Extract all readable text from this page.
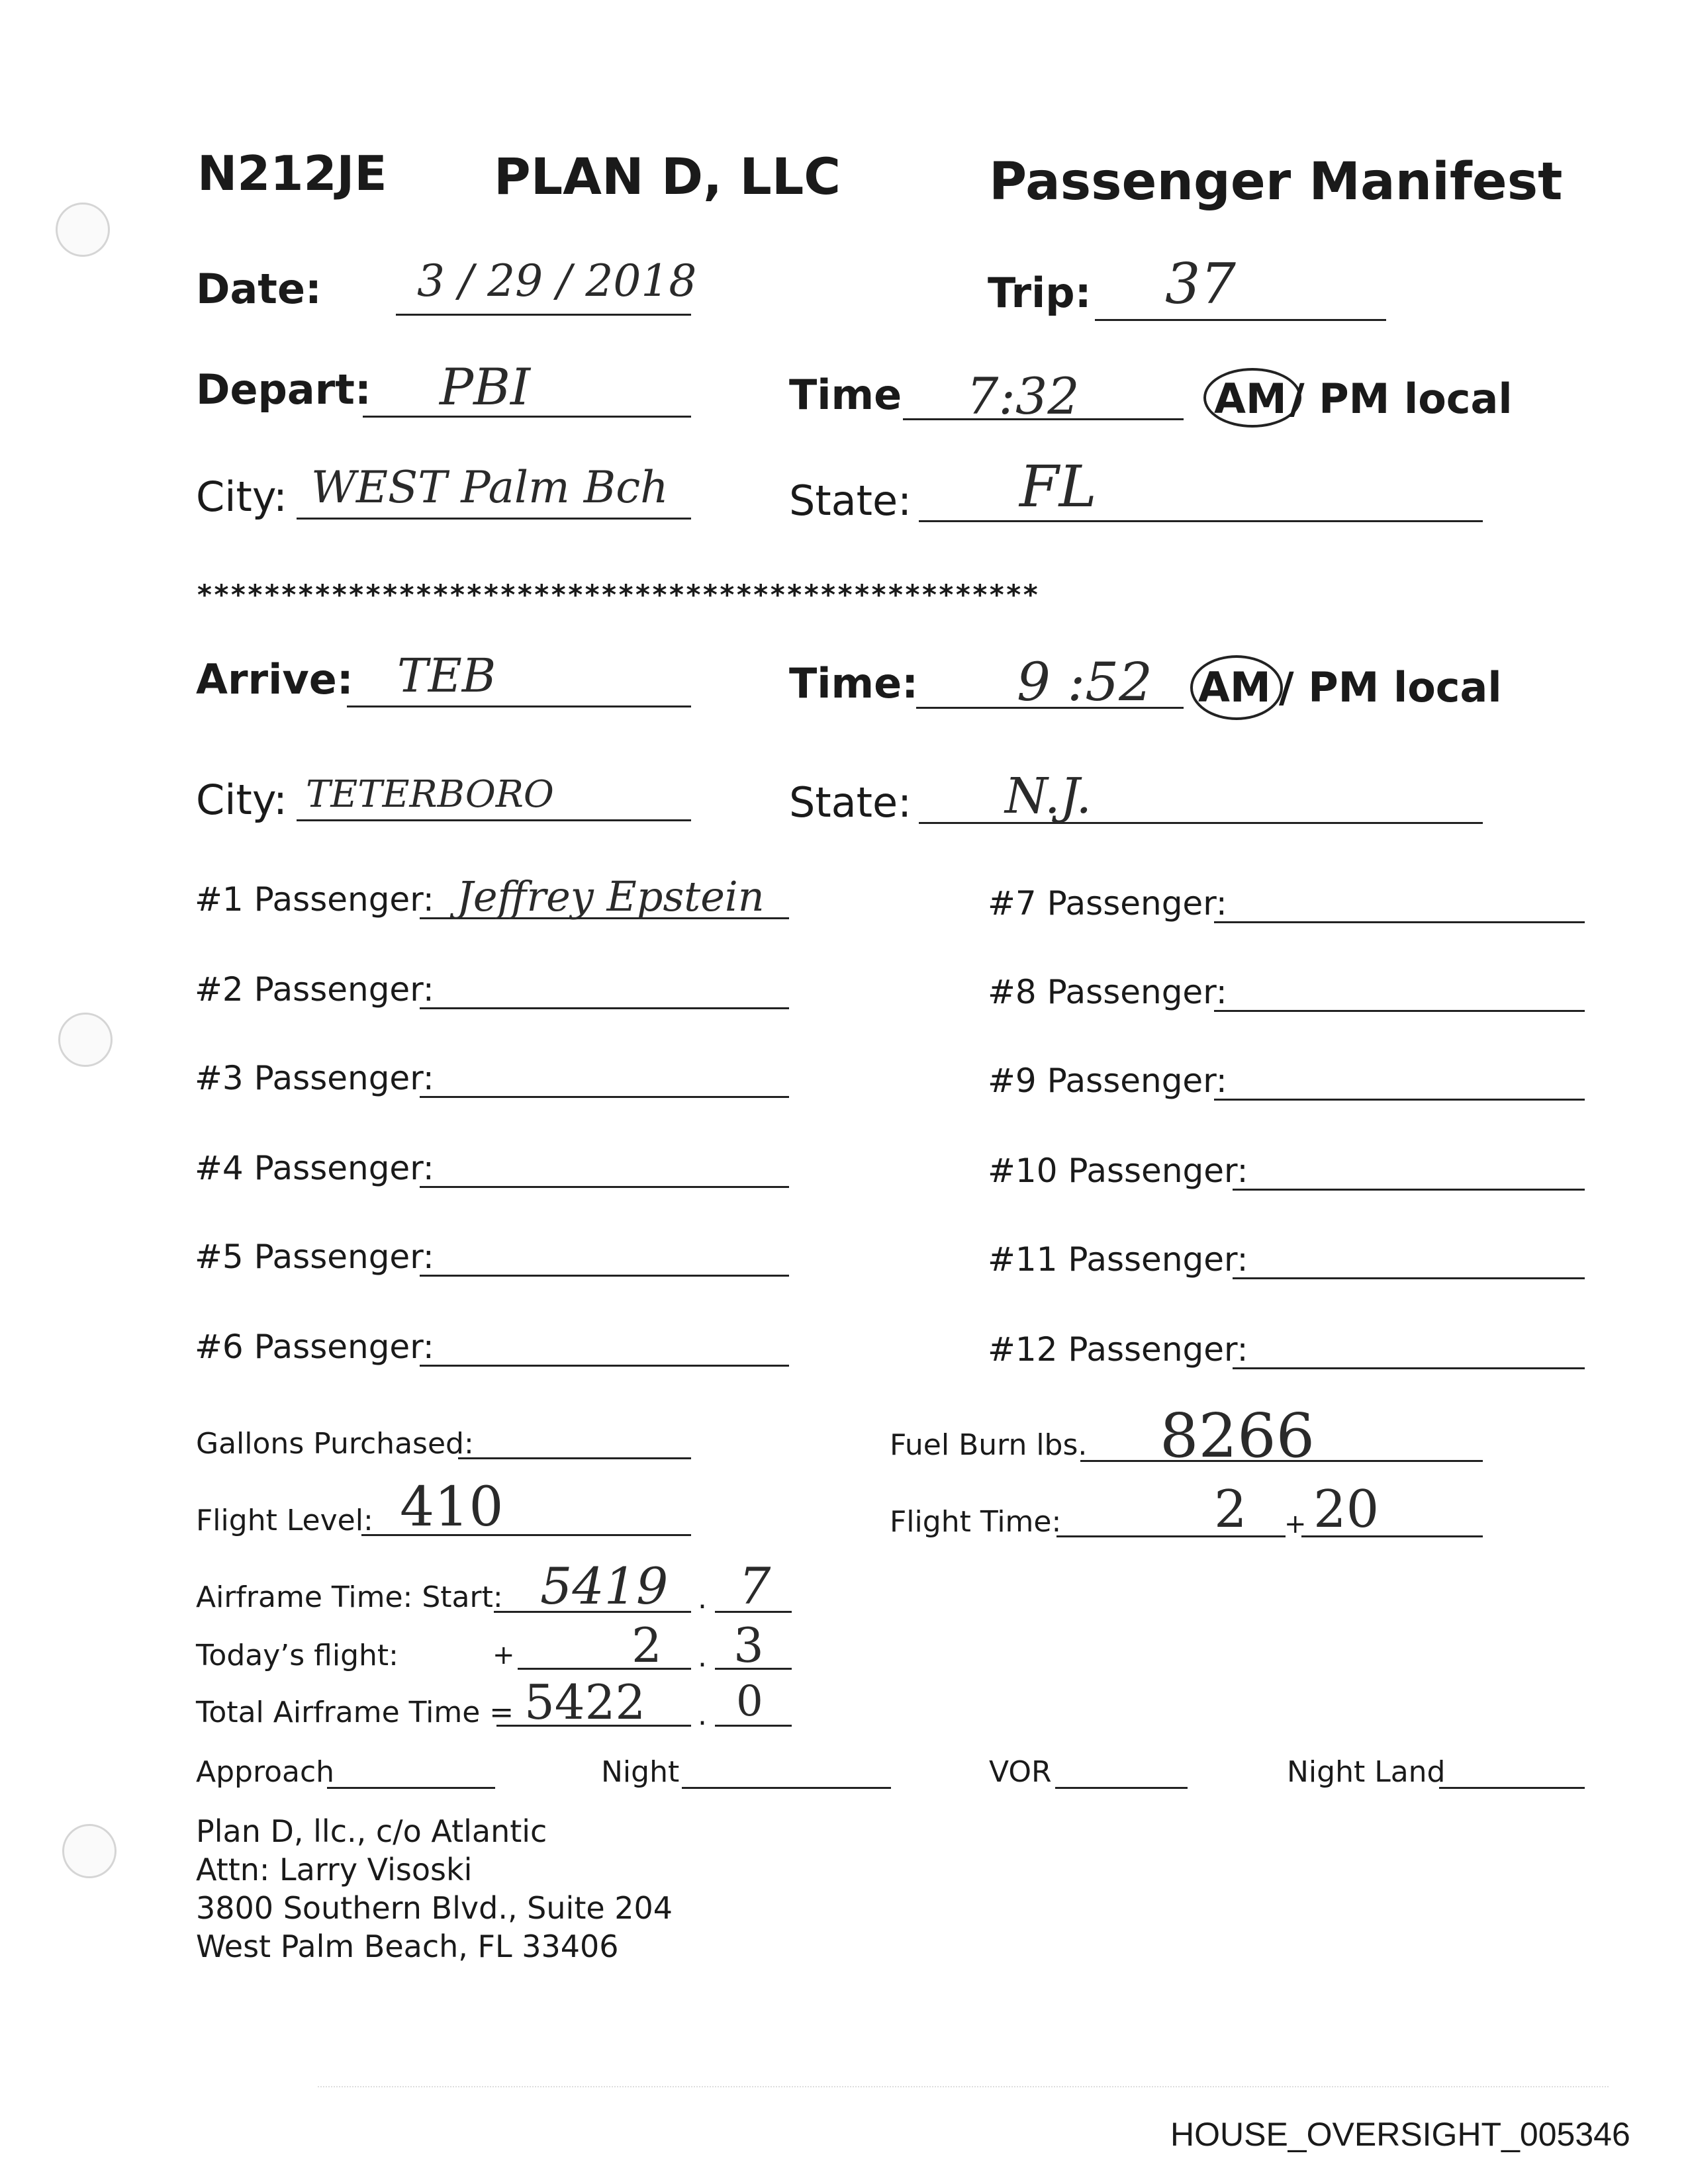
N212JE PLAN D, LLC	Passenger Manifest
Date: 3 / 29 / 2018	Trip: 37
Depart: PBI	Time 7:32	AM / PM local
City: WEST Palm Bch	State: FL
**************************************************
Arrive: TEB	Time: 9 :52 AM / PM local
City: TETERBORO	State: N.J.
#1 Passenger: Jeffrey Epstein
#2 Passenger:
#3 Passenger:
#4 Passenger:
#5 Passenger:
#6 Passenger:
#7 Passenger:
#8 Passenger:
#9 Passenger:
#10 Passenger:
#11 Passenger:
#12 Passenger:
Gallons Purchased:	Fuel Burn lbs. 8266
Flight Level: 410	Flight Time:	2 + 20
Airframe Time: Start: 5419 . 7
Today’s flight:	+ 2 . 3
Total Airframe Time = 5422 . 0
Approach	Night	VOR	Night Land
Plan D, llc., c/o Atlantic
Attn: Larry Visoski
3800 Southern Blvd., Suite 204
West Palm Beach, FL 33406
HOUSE_OVERSIGHT_005346
